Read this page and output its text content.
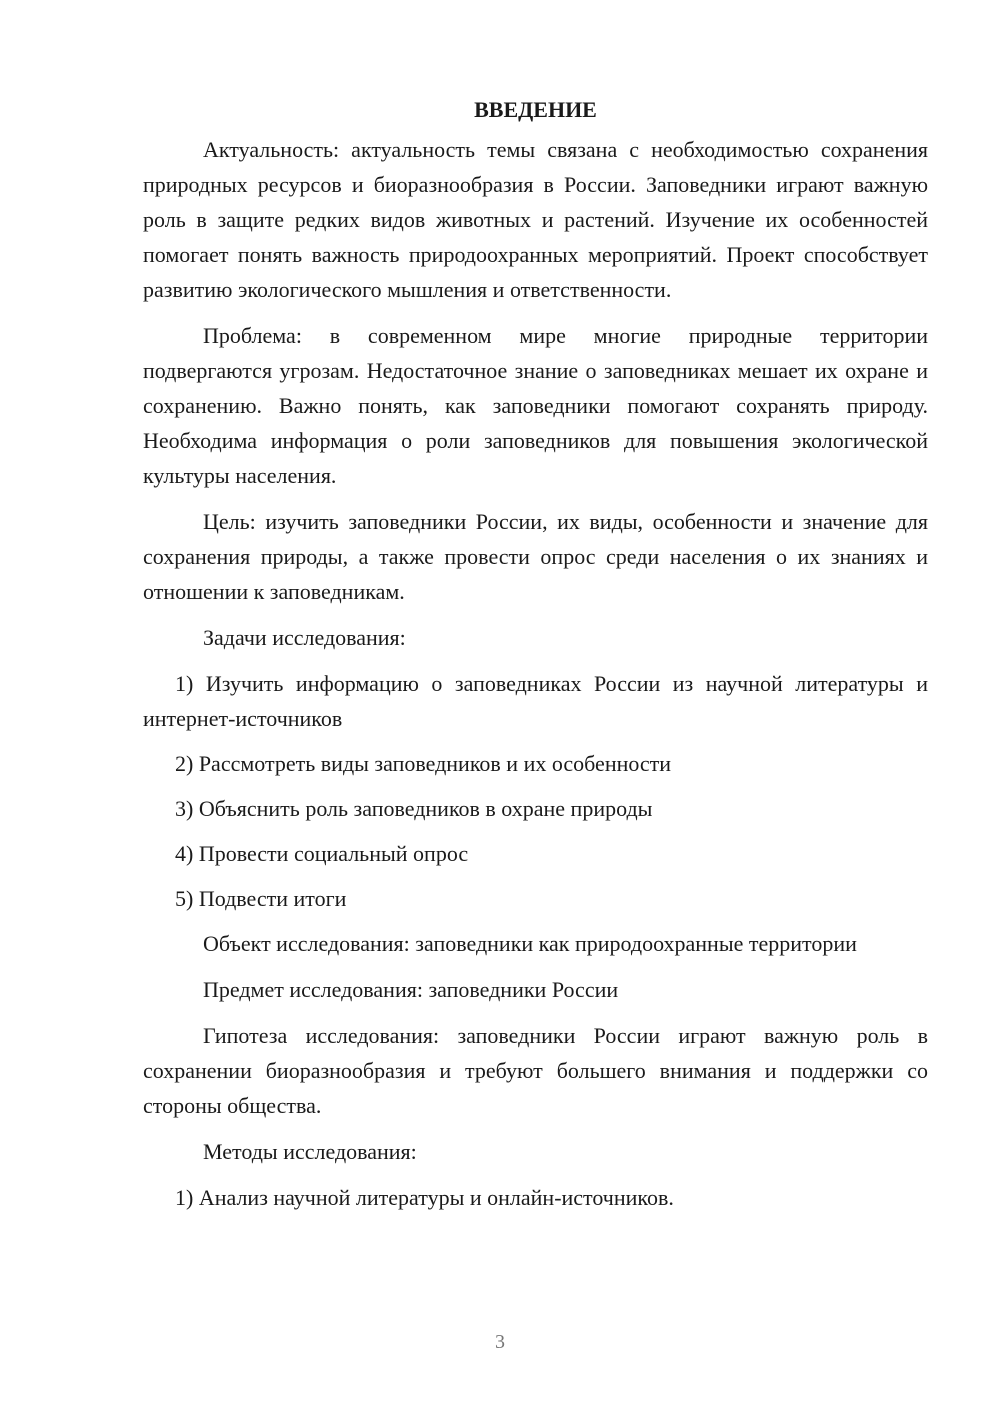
ВВЕДЕНИЕ

Актуальность: актуальность темы связана с необходимостью сохранения природных ресурсов и биоразнообразия в России. Заповедники играют важную роль в защите редких видов животных и растений. Изучение их особенностей помогает понять важность природоохранных мероприятий. Проект способствует развитию экологического мышления и ответственности.

Проблема: в современном мире многие природные территории подвергаются угрозам. Недостаточное знание о заповедниках мешает их охране и сохранению. Важно понять, как заповедники помогают сохранять природу. Необходима информация о роли заповедников для повышения экологической культуры населения.

Цель: изучить заповедники России, их виды, особенности и значение для сохранения природы, а также провести опрос среди населения о их знаниях и отношении к заповедникам.

Задачи исследования:

1) Изучить информацию о заповедниках России из научной литературы и интернет-источников

2) Рассмотреть виды заповедников и их особенности

3) Объяснить роль заповедников в охране природы

4) Провести социальный опрос

5) Подвести итоги

Объект исследования: заповедники как природоохранные территории

Предмет исследования: заповедники России

Гипотеза исследования: заповедники России играют важную роль в сохранении биоразнообразия и требуют большего внимания и поддержки со стороны общества.

Методы исследования:

1) Анализ научной литературы и онлайн-источников.

3
